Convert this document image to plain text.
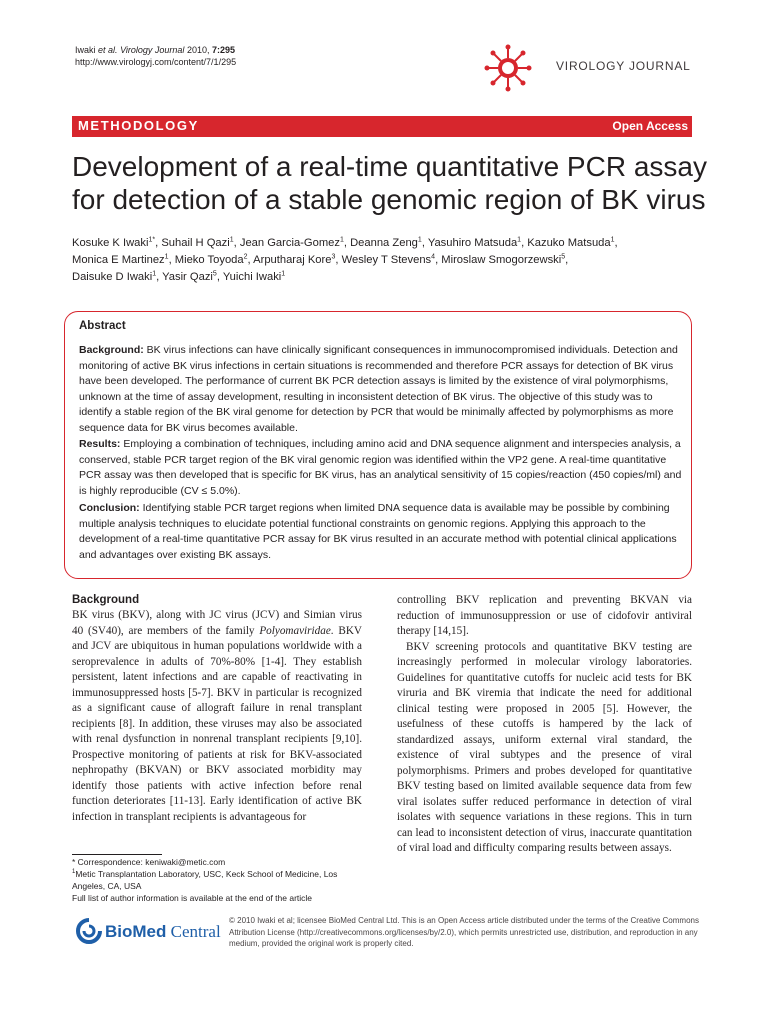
Iwaki et al. Virology Journal 2010, 7:295
http://www.virologyj.com/content/7/1/295	VIROLOGY JOURNAL
METHODOLOGY	Open Access
Development of a real-time quantitative PCR assay
for detection of a stable genomic region of BK virus
Kosuke K Iwaki$^{1*}$, Suhail H Qazi$^1$, Jean Garcia-Gomez$^1$, Deanna Zeng$^1$, Yasuhiro Matsuda$^1$, Kazuko Matsuda$^1$,
Monica E Martinez$^1$, Mieko Toyoda$^2$, Arputharaj Kore$^3$, Wesley T Stevens$^4$, Miroslaw Smogorzewski$^5$,
Daisuke D Iwaki$^1$, Yasir Qazi$^5$, Yuichi Iwaki$^1$
Abstract

Background: BK virus infections can have clinically significant consequences in immunocompromised individuals. Detection and monitoring of active BK virus infections in certain situations is recommended and therefore PCR assays for detection of BK virus have been developed. The performance of current BK PCR detection assays is limited by the existence of viral polymorphisms, unknown at the time of assay development, resulting in inconsistent detection of BK virus. The objective of this study was to identify a stable region of the BK viral genome for detection by PCR that would be minimally affected by polymorphisms as more sequence data for BK virus becomes available.

Results: Employing a combination of techniques, including amino acid and DNA sequence alignment and interspecies analysis, a conserved, stable PCR target region of the BK viral genomic region was identified within the VP2 gene. A real-time quantitative PCR assay was then developed that is specific for BK virus, has an analytical sensitivity of 15 copies/reaction (450 copies/ml) and is highly reproducible (CV ≤ 5.0%).

Conclusion: Identifying stable PCR target regions when limited DNA sequence data is available may be possible by combining multiple analysis techniques to elucidate potential functional constraints on genomic regions. Applying this approach to the development of a real-time quantitative PCR assay for BK virus resulted in an accurate method with potential clinical applications and advantages over existing BK assays.

Background

BK virus (BKV), along with JC virus (JCV) and Simian virus 40 (SV40), are members of the family Polyomaviridae. BKV and JCV are ubiquitous in human populations worldwide with a seroprevalence in adults of 70%-80% [1-4]. They establish persistent, latent infections and are capable of reactivating in immunosuppressed hosts [5-7]. BKV in particular is recognized as a significant cause of allograft failure in renal transplant recipients [8]. In addition, these viruses may also be associated with renal dysfunction in nonrenal transplant recipients [9,10]. Prospective monitoring of patients at risk for BKV-associated nephropathy (BKVAN) or BKV associated morbidity may identify those patients with active infection before renal function deteriorates [11-13]. Early identification of active BK infection in transplant recipients is advantageous for

controlling BKV replication and preventing BKVAN via reduction of immunosuppression or use of cidofovir antiviral therapy [14,15].

BKV screening protocols and quantitative BKV testing are increasingly performed in molecular virology laboratories. Guidelines for quantitative cutoffs for nucleic acid tests for BK viruria and BK viremia that indicate the need for additional clinical testing were proposed in 2005 [5]. However, the usefulness of these cutoffs is hampered by the lack of standardized assays, uniform external viral standard, the existence of viral subtypes and the presence of viral polymorphisms. Primers and probes developed for quantitative BKV testing based on limited available sequence data from few viral isolates suffer reduced performance in detection of viral isolates with sequence variations in these regions. This in turn can lead to inconsistent detection of virus, inaccurate quantitation of viral load and difficulty comparing results between assays.

* Correspondence: keniwaki@metic.com
$^1$Metic Transplantation Laboratory, USC, Keck School of Medicine, Los Angeles, CA, USA
Full list of author information is available at the end of the article
BioMed Central
© 2010 Iwaki et al; licensee BioMed Central Ltd. This is an Open Access article distributed under the terms of the Creative Commons Attribution License (http://creativecommons.org/licenses/by/2.0), which permits unrestricted use, distribution, and reproduction in any medium, provided the original work is properly cited.
